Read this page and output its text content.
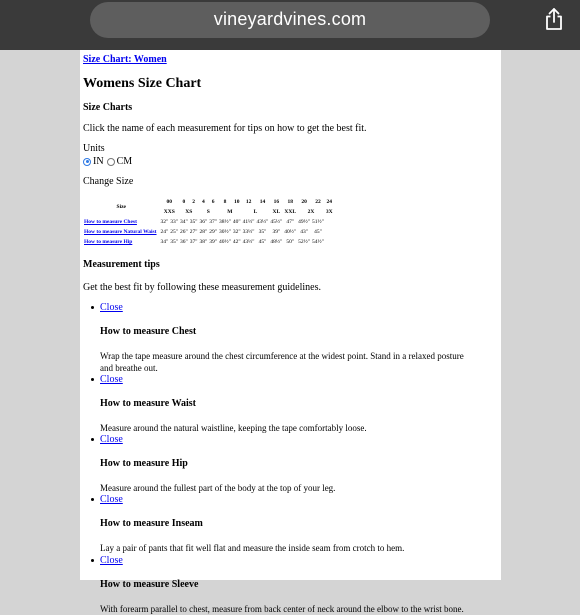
vineyardvines.com
Size Chart: Women
Womens Size Chart
Size Charts
Click the name of each measurement for tips on how to get the best fit.
Units
IN CM
Change Size
Size	00		0	2	4	6	8	10	12	14	16	18	20	22	24
	XXS		XS		S		M		L		XL	XXL	2X		3X
How to measure Chest	32"	33"	34"	35"	36"	37"	38½"	40"	41½"	43½"	45½"	47"	49½"	51½"	
How to measure Natural Waist	24"	25"	26"	27"	28"	29"	30½"	32"	33½"	35"	39"	40½"	43"	45"	
How to measure Hip	34"	35"	36"	37"	38"	39"	40½"	42"	43½"	45"	48½"	50"	52½"	54½"	
Measurement tips
Get the best fit by following these measurement guidelines.
Close
How to measure Chest
Wrap the tape measure around the chest circumference at the widest point. Stand in a relaxed posture and breathe out.
Close
How to measure Waist
Measure around the natural waistline, keeping the tape comfortably loose.
Close
How to measure Hip
Measure around the fullest part of the body at the top of your leg.
Close
How to measure Inseam
Lay a pair of pants that fit well flat and measure the inside seam from crotch to hem.
Close
How to measure Sleeve
With forearm parallel to chest, measure from back center of neck around the elbow to the wrist bone.
